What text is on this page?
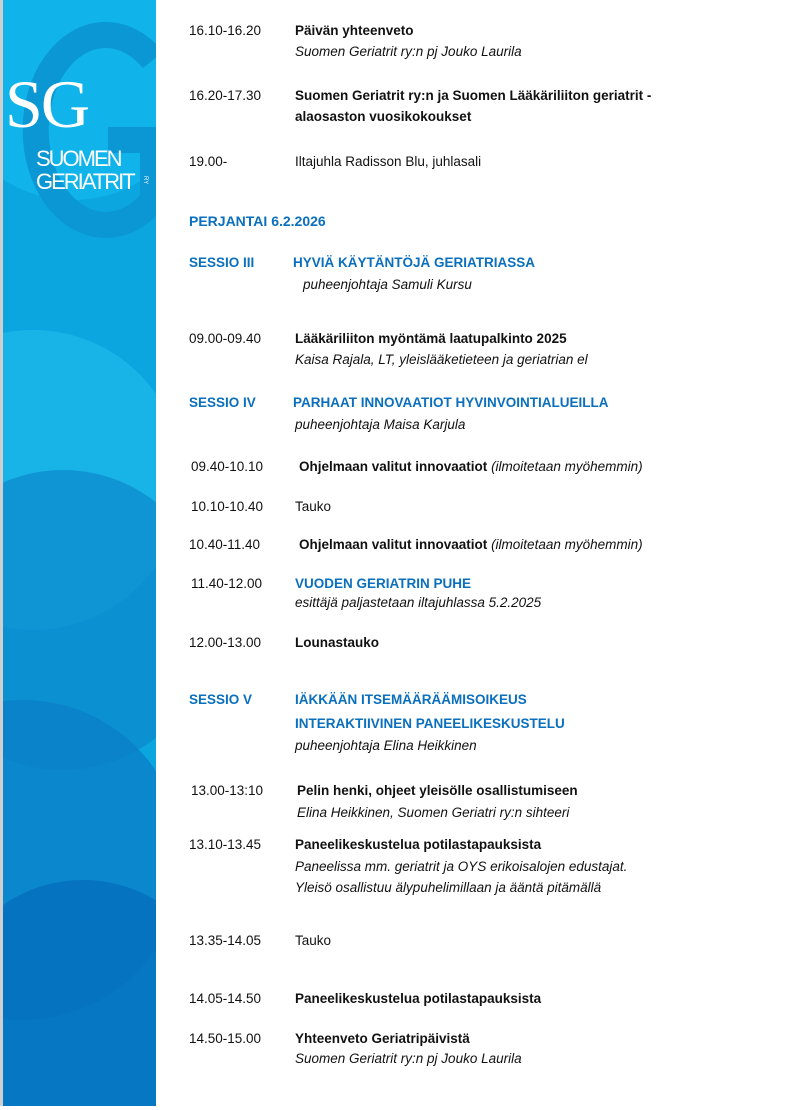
SG
SUOMEN
GERIATRIT RY
16.10-16.20	Päivän yhteenveto
Suomen Geriatrit ry:n pj Jouko Laurila
16.20-17.30	Suomen Geriatrit ry:n ja Suomen Lääkäriliiton geriatrit -
alaosaston vuosikokoukset
19.00-	Iltajuhla Radisson Blu, juhlasali
PERJANTAI 6.2.2026
SESSIO III	HYVIÄ KÄYTÄNTÖJÄ GERIATRIASSA
puheenjohtaja Samuli Kursu
09.00-09.40	Lääkäriliiton myöntämä laatupalkinto 2025
Kaisa Rajala, LT, yleislääketieteen ja geriatrian el
SESSIO IV	PARHAAT INNOVAATIOT HYVINVOINTIALUEILLA
puheenjohtaja Maisa Karjula
09.40-10.10	Ohjelmaan valitut innovaatiot (ilmoitetaan myöhemmin)
10.10-10.40 Tauko
10.40-11.40	Ohjelmaan valitut innovaatiot (ilmoitetaan myöhemmin)
11.40-12.00 VUODEN GERIATRIN PUHE
esittäjä paljastetaan iltajuhlassa 5.2.2025
12.00-13.00	Lounastauko
SESSIO V	IÄKKÄÄN ITSEMÄÄRÄÄMISOIKEUS
INTERAKTIIVINEN PANEELIKESKUSTELU
puheenjohtaja Elina Heikkinen
13.00-13:10	Pelin henki, ohjeet yleisölle osallistumiseen
Elina Heikkinen, Suomen Geriatri ry:n sihteeri
13.10-13.45	Paneelikeskustelua potilastapauksista
Paneelissa mm. geriatrit ja OYS erikoisalojen edustajat.
Yleisö osallistuu älypuhelimillaan ja ääntä pitämällä
13.35-14.05	Tauko
14.05-14.50	Paneelikeskustelua potilastapauksista
14.50-15.00	Yhteenveto Geriatripäivistä
Suomen Geriatrit ry:n pj Jouko Laurila
